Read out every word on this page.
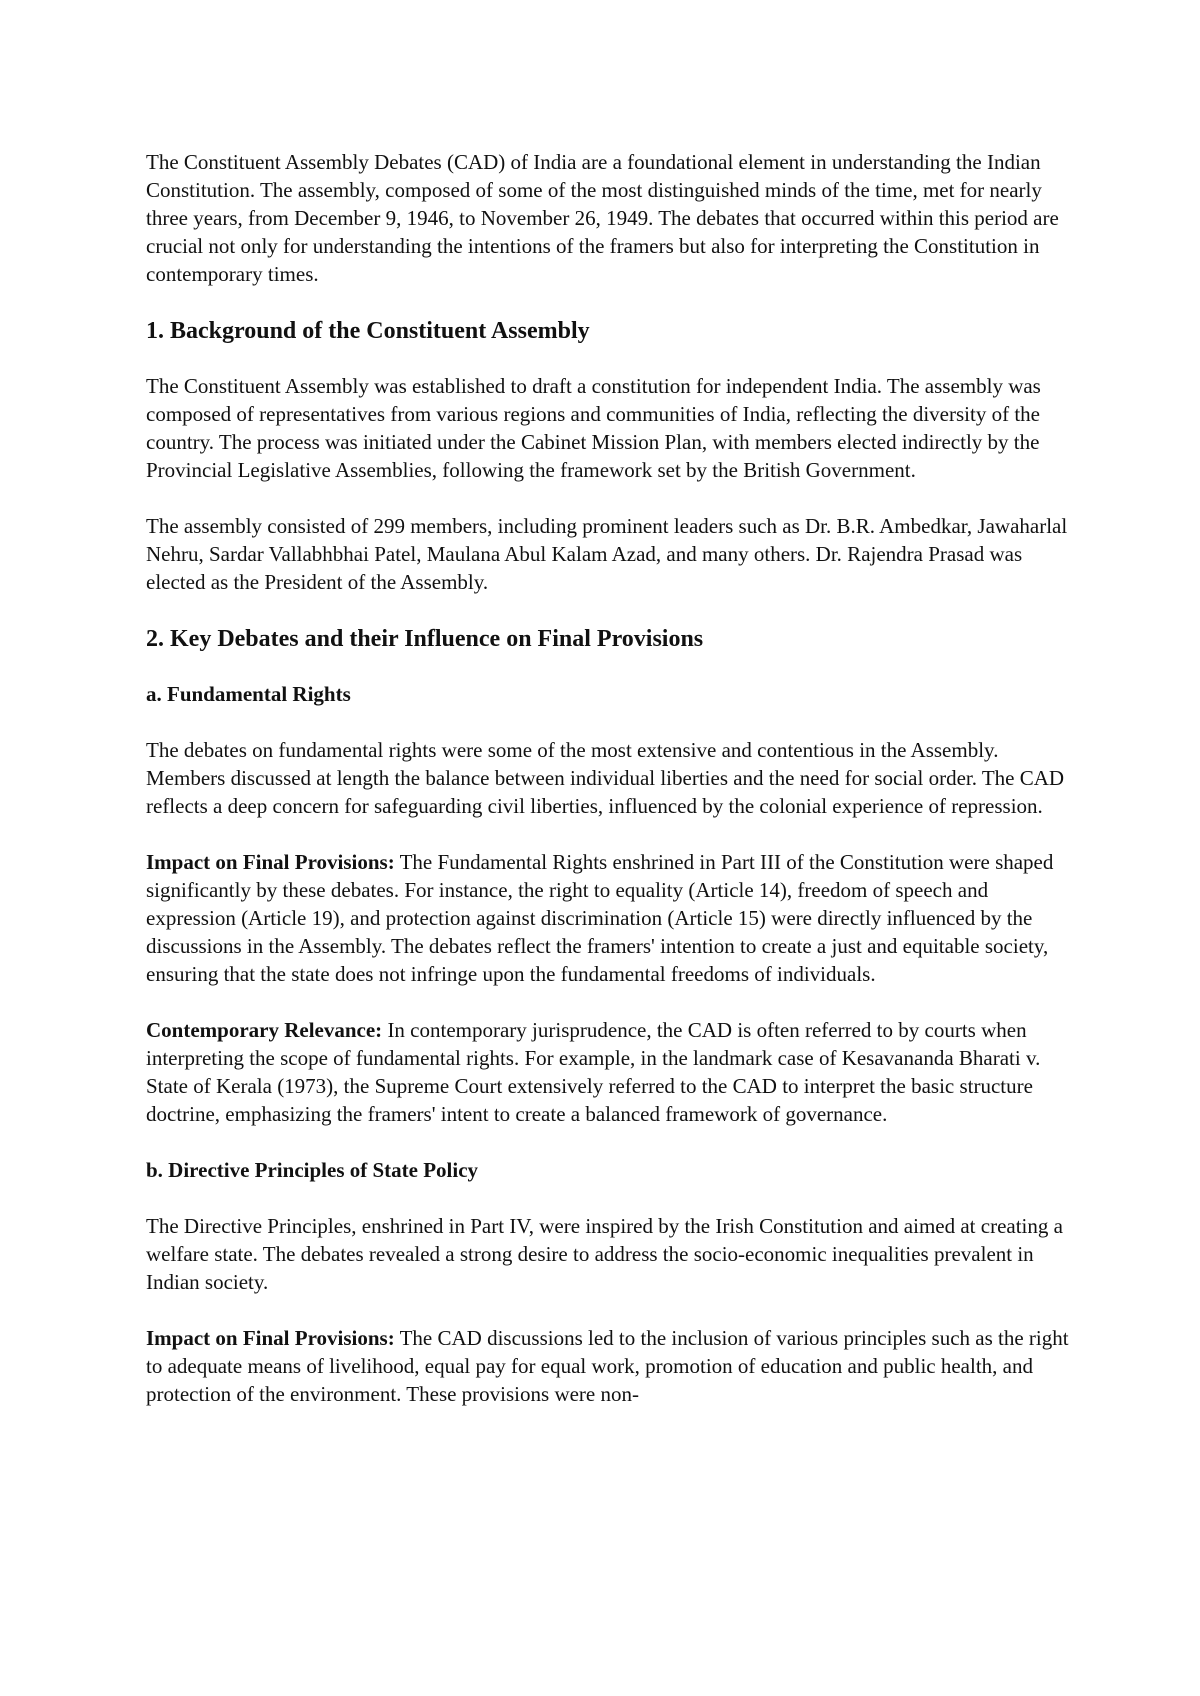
The Constituent Assembly Debates (CAD) of India are a foundational element in understanding the Indian Constitution. The assembly, composed of some of the most distinguished minds of the time, met for nearly three years, from December 9, 1946, to November 26, 1949. The debates that occurred within this period are crucial not only for understanding the intentions of the framers but also for interpreting the Constitution in contemporary times.

1. Background of the Constituent Assembly

The Constituent Assembly was established to draft a constitution for independent India. The assembly was composed of representatives from various regions and communities of India, reflecting the diversity of the country. The process was initiated under the Cabinet Mission Plan, with members elected indirectly by the Provincial Legislative Assemblies, following the framework set by the British Government.

The assembly consisted of 299 members, including prominent leaders such as Dr. B.R. Ambedkar, Jawaharlal Nehru, Sardar Vallabhbhai Patel, Maulana Abul Kalam Azad, and many others. Dr. Rajendra Prasad was elected as the President of the Assembly.

2. Key Debates and their Influence on Final Provisions
a. Fundamental Rights

The debates on fundamental rights were some of the most extensive and contentious in the Assembly. Members discussed at length the balance between individual liberties and the need for social order. The CAD reflects a deep concern for safeguarding civil liberties, influenced by the colonial experience of repression.

Impact on Final Provisions: The Fundamental Rights enshrined in Part III of the Constitution were shaped significantly by these debates. For instance, the right to equality (Article 14), freedom of speech and expression (Article 19), and protection against discrimination (Article 15) were directly influenced by the discussions in the Assembly. The debates reflect the framers' intention to create a just and equitable society, ensuring that the state does not infringe upon the fundamental freedoms of individuals.

Contemporary Relevance: In contemporary jurisprudence, the CAD is often referred to by courts when interpreting the scope of fundamental rights. For example, in the landmark case of Kesavananda Bharati v. State of Kerala (1973), the Supreme Court extensively referred to the CAD to interpret the basic structure doctrine, emphasizing the framers' intent to create a balanced framework of governance.

b. Directive Principles of State Policy

The Directive Principles, enshrined in Part IV, were inspired by the Irish Constitution and aimed at creating a welfare state. The debates revealed a strong desire to address the socio-economic inequalities prevalent in Indian society.

Impact on Final Provisions: The CAD discussions led to the inclusion of various principles such as the right to adequate means of livelihood, equal pay for equal work, promotion of education and public health, and protection of the environment. These provisions were non-
